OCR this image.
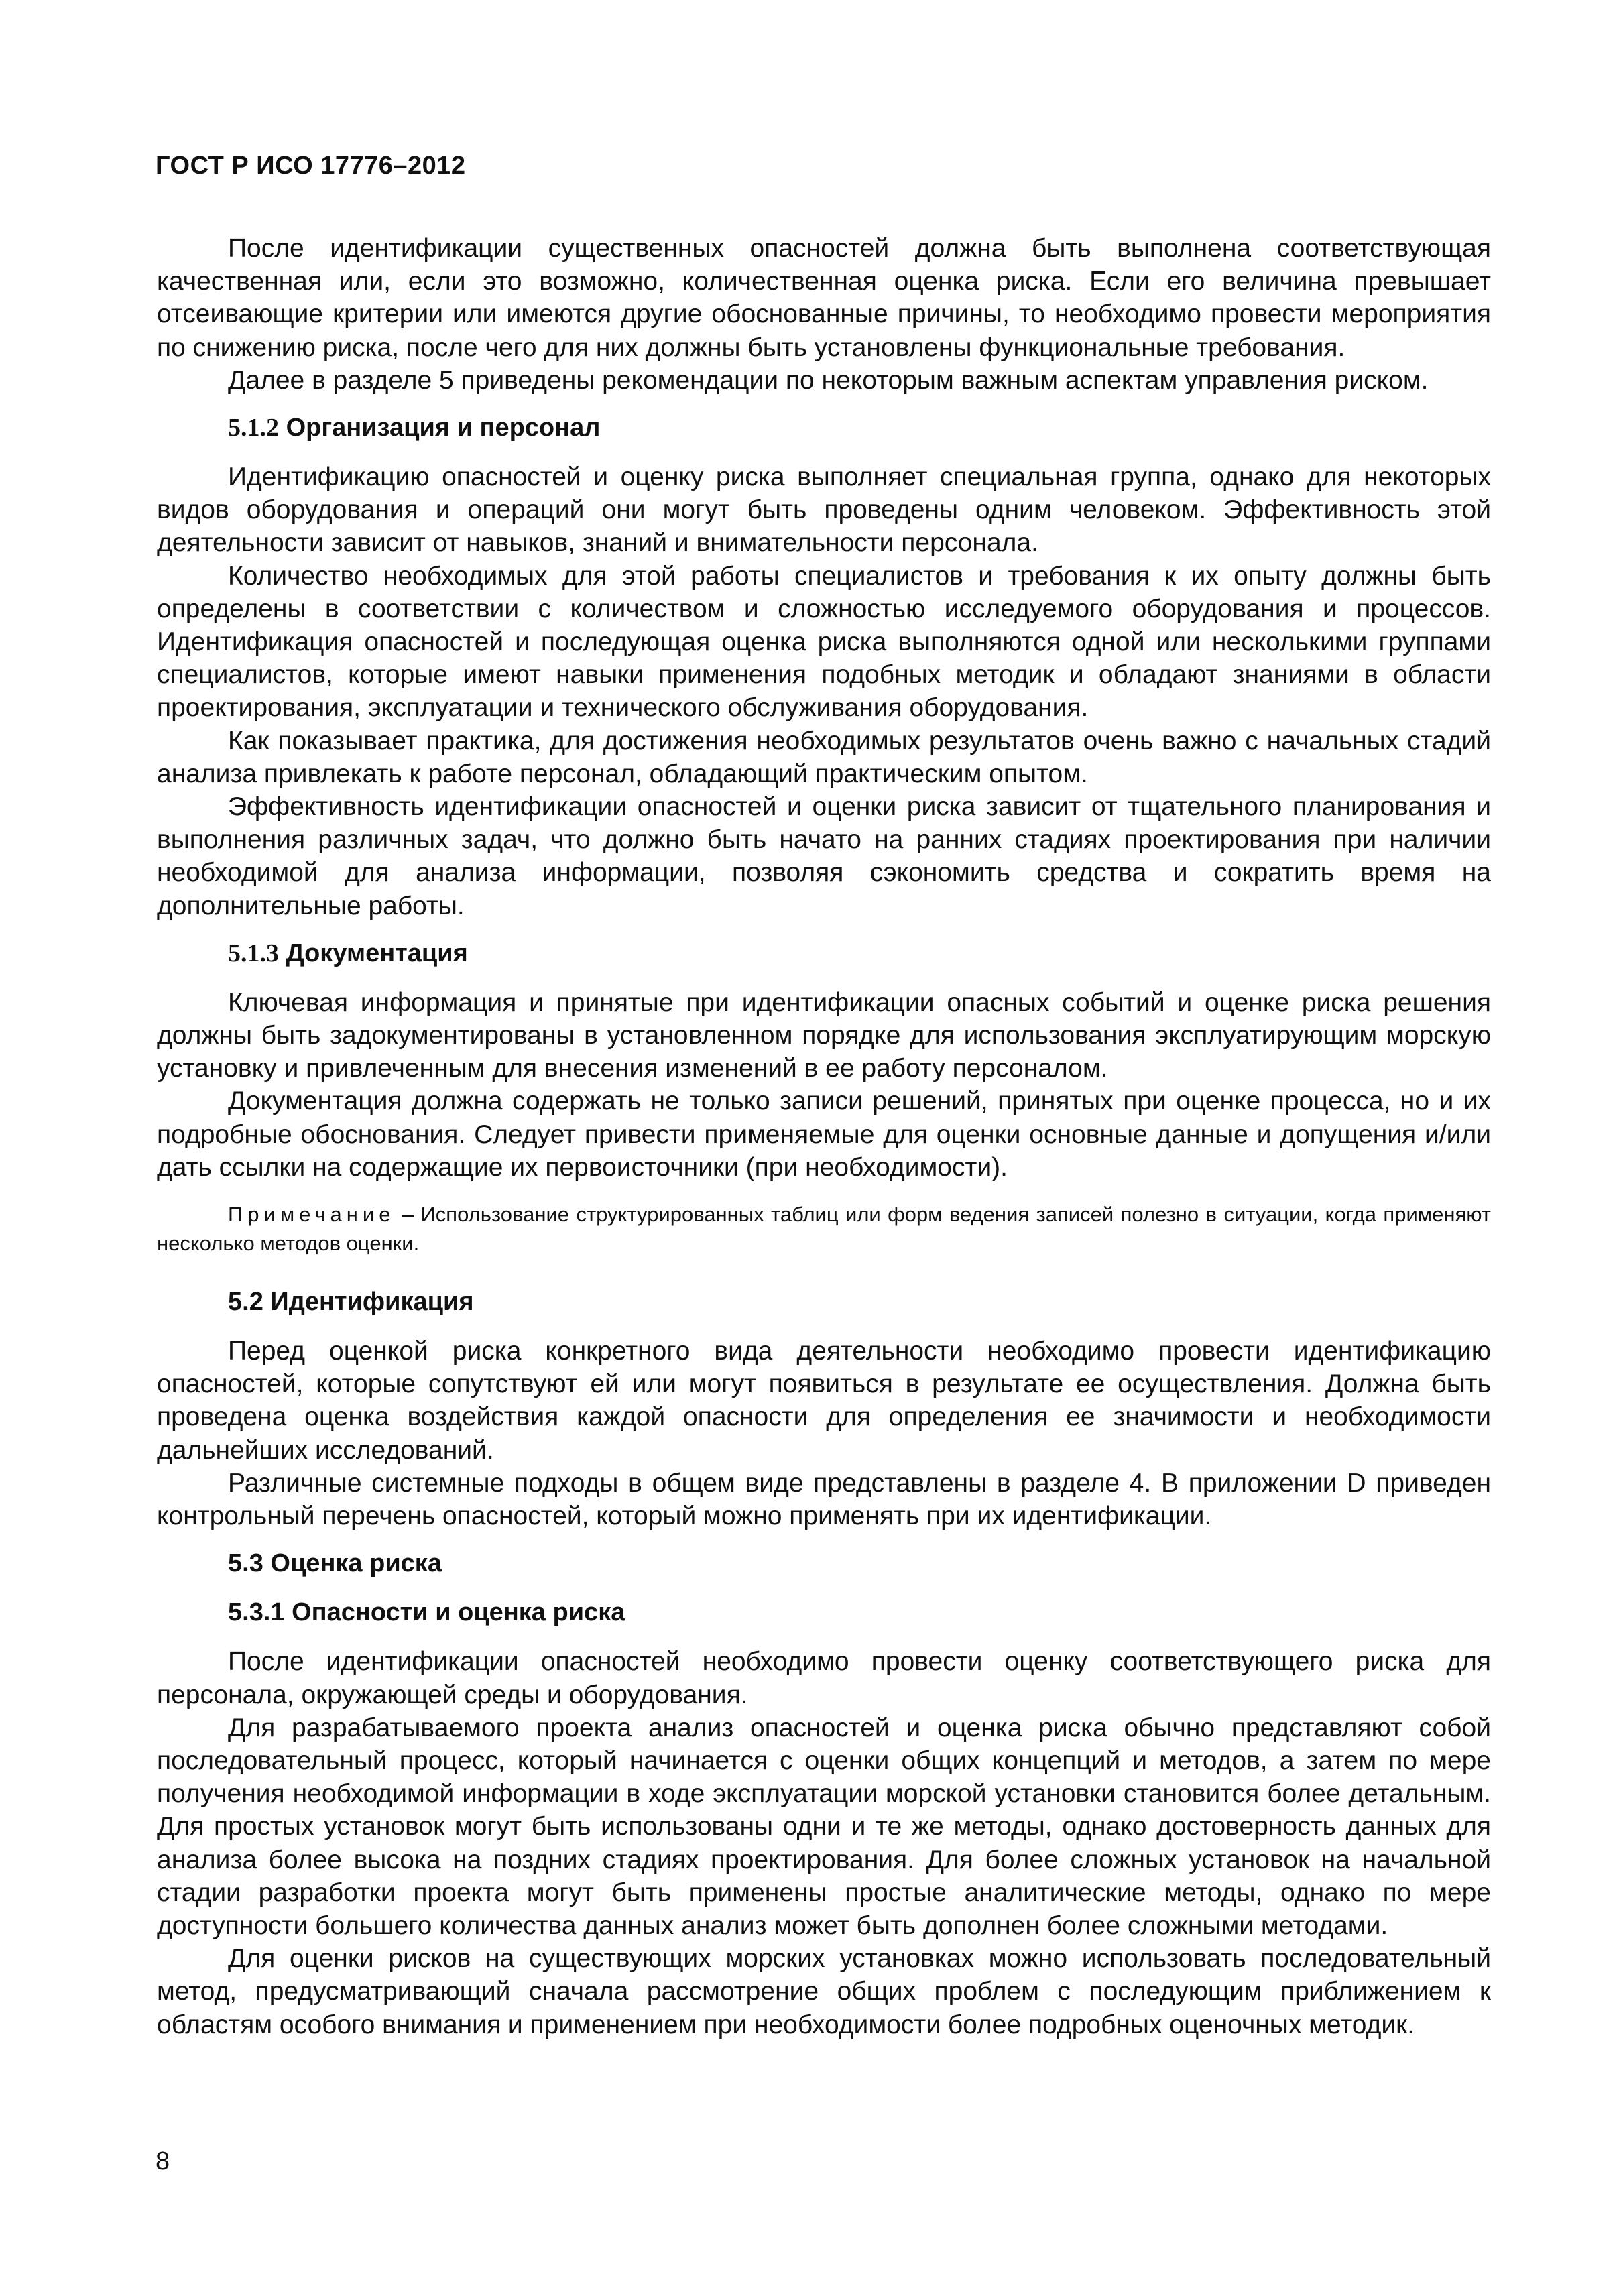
ГОСТ Р ИСО 17776–2012

После идентификации существенных опасностей должна быть выполнена соответствующая качественная или, если это возможно, количественная оценка риска. Если его величина превышает отсеивающие критерии или имеются другие обоснованные причины, то необходимо провести мероприятия по снижению риска, после чего для них должны быть установлены функциональные требования.

Далее в разделе 5 приведены рекомендации по некоторым важным аспектам управления риском.

5.1.2 Организация и персонал

Идентификацию опасностей и оценку риска выполняет специальная группа, однако для некоторых видов оборудования и операций они могут быть проведены одним человеком. Эффективность этой деятельности зависит от навыков, знаний и внимательности персонала.

Количество необходимых для этой работы специалистов и требования к их опыту должны быть определены в соответствии с количеством и сложностью исследуемого оборудования и процессов. Идентификация опасностей и последующая оценка риска выполняются одной или несколькими группами специалистов, которые имеют навыки применения подобных методик и обладают знаниями в области проектирования, эксплуатации и технического обслуживания оборудования.

Как показывает практика, для достижения необходимых результатов очень важно с начальных стадий анализа привлекать к работе персонал, обладающий практическим опытом.

Эффективность идентификации опасностей и оценки риска зависит от тщательного планирования и выполнения различных задач, что должно быть начато на ранних стадиях проектирования при наличии необходимой для анализа информации, позволяя сэкономить средства и сократить время на дополнительные работы.

5.1.3 Документация

Ключевая информация и принятые при идентификации опасных событий и оценке риска решения должны быть задокументированы в установленном порядке для использования эксплуатирующим морскую установку и привлеченным для внесения изменений в ее работу персоналом.

Документация должна содержать не только записи решений, принятых при оценке процесса, но и их подробные обоснования. Следует привести применяемые для оценки основные данные и допущения и/или дать ссылки на содержащие их первоисточники (при необходимости).

Примечание – Использование структурированных таблиц или форм ведения записей полезно в ситуации, когда применяют несколько методов оценки.

5.2 Идентификация

Перед оценкой риска конкретного вида деятельности необходимо провести идентификацию опасностей, которые сопутствуют ей или могут появиться в результате ее осуществления. Должна быть проведена оценка воздействия каждой опасности для определения ее значимости и необходимости дальнейших исследований.

Различные системные подходы в общем виде представлены в разделе 4. В приложении D приведен контрольный перечень опасностей, который можно применять при их идентификации.

5.3 Оценка риска
5.3.1 Опасности и оценка риска

После идентификации опасностей необходимо провести оценку соответствующего риска для персонала, окружающей среды и оборудования.

Для разрабатываемого проекта анализ опасностей и оценка риска обычно представляют собой последовательный процесс, который начинается с оценки общих концепций и методов, а затем по мере получения необходимой информации в ходе эксплуатации морской установки становится более детальным. Для простых установок могут быть использованы одни и те же методы, однако достоверность данных для анализа более высока на поздних стадиях проектирования. Для более сложных установок на начальной стадии разработки проекта могут быть применены простые аналитические методы, однако по мере доступности большего количества данных анализ может быть дополнен более сложными методами.

Для оценки рисков на существующих морских установках можно использовать последовательный метод, предусматривающий сначала рассмотрение общих проблем с последующим приближением к областям особого внимания и применением при необходимости более подробных оценочных методик.

8
